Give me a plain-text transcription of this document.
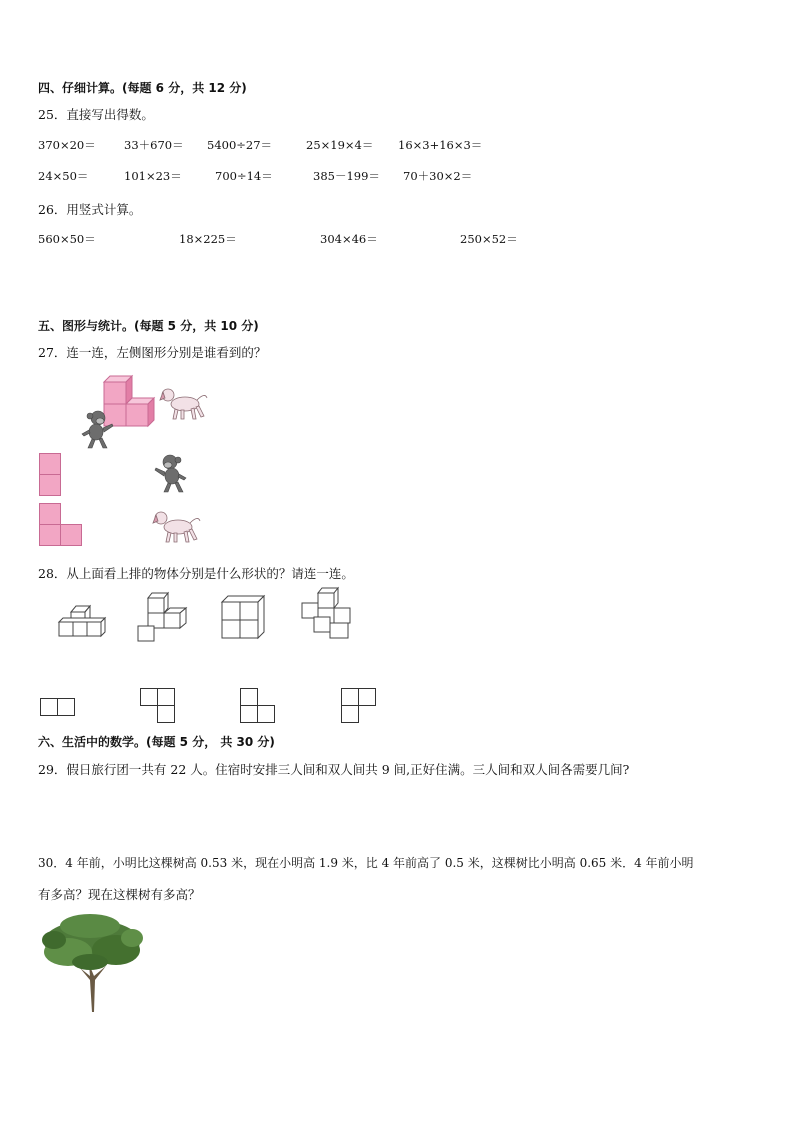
四、仔细计算。(每题 6 分，共 12 分)
25．直接写出得数。
370×20＝ 33＋670＝ 5400÷27＝	25×19×4＝ 16×3+16×3＝
24×50＝	101×23＝	700÷14＝	385－199＝ 70＋30×2＝
26．用竖式计算。
560×50＝	18×225＝	304×46＝	250×52＝
五、图形与统计。(每题 5 分，共 10 分)
27．连一连，左侧图形分别是谁看到的？
28．从上面看上排的物体分别是什么形状的？请连一连。
六、生活中的数学。(每题 5 分， 共 30 分)
29．假日旅行团一共有 22 人。住宿时安排三人间和双人间共 9 间,正好住满。三人间和双人间各需要几间?
30．4 年前，小明比这棵树高 0.53 米，现在小明高 1.9 米，比 4 年前高了 0.5 米，这棵树比小明高 0.65 米．4 年前小明
有多高？现在这棵树有多高？
